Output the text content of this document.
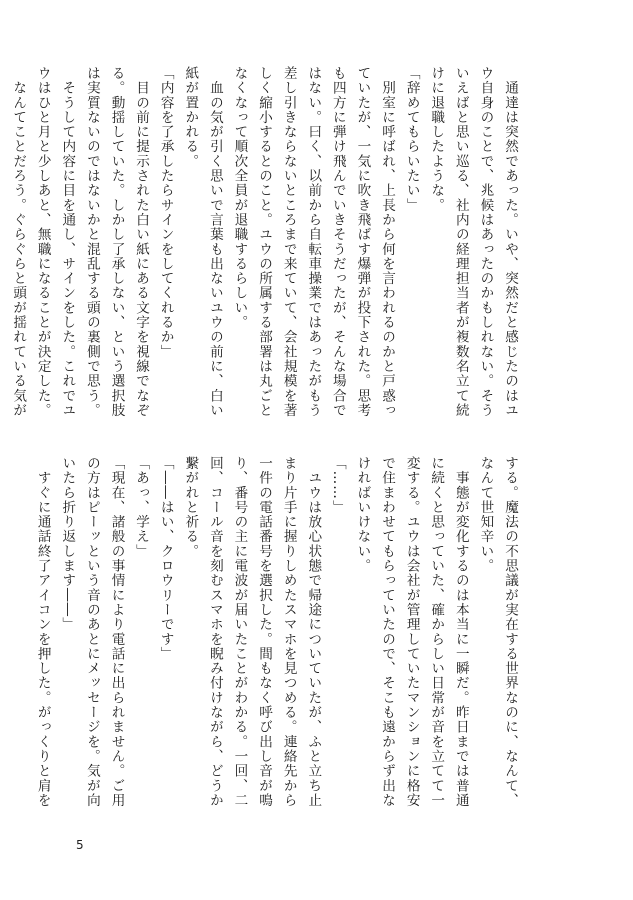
　通達は突然であった。いや、突然だと感じたのはユ
ウ自身のことで、兆候はあったのかもしれない。そう
いえばと思い巡る、社内の経理担当者が複数名立て続
けに退職したような。
「辞めてもらいたい」
　別室に呼ばれ、上長から何を言われるのかと戸惑っ
ていたが、一気に吹き飛ばす爆弾が投下された。思考
も四方に弾け飛んでいきそうだったが、そんな場合で
はない。曰く、以前から自転車操業ではあったがもう
差し引きならないところまで来ていて、会社規模を著
しく縮小するとのこと。ユウの所属する部署は丸ごと
なくなって順次全員が退職するらしい。
　血の気が引く思いで言葉も出ないユウの前に、白い
紙が置かれる。
「内容を了承したらサインをしてくれるか」
　目の前に提示された白い紙にある文字を視線でなぞ
る。動揺していた。しかし了承しない、という選択肢
は実質ないのではないかと混乱する頭の裏側で思う。
　そうして内容に目を通し、サインをした。これでユ
ウはひと月と少しあと、無職になることが決定した。
　なんてことだろう。ぐらぐらと頭が揺れている気が
する。魔法の不思議が実在する世界なのに、なんて、
なんて世知辛い。
　事態が変化するのは本当に一瞬だ。昨日までは普通
に続くと思っていた、確からしい日常が音を立てて一
変する。ユウは会社が管理していたマンションに格安
で住まわせてもらっていたので、そこも遠からず出な
ければいけない。
「……」
　ユウは放心状態で帰途についていたが、ふと立ち止
まり片手に握りしめたスマホを見つめる。連絡先から
一件の電話番号を選択した。間もなく呼び出し音が鳴
り、番号の主に電波が届いたことがわかる。一回、二
回、コール音を刻むスマホを睨み付けながら、どうか
繫がれと祈る。
「――はい、クロウリーです」
「あっ、学え」
「現在、諸般の事情により電話に出られません。ご用
の方はピーッという音のあとにメッセージを。気が向
いたら折り返します――」
　すぐに通話終了アイコンを押した。がっくりと肩を
5
